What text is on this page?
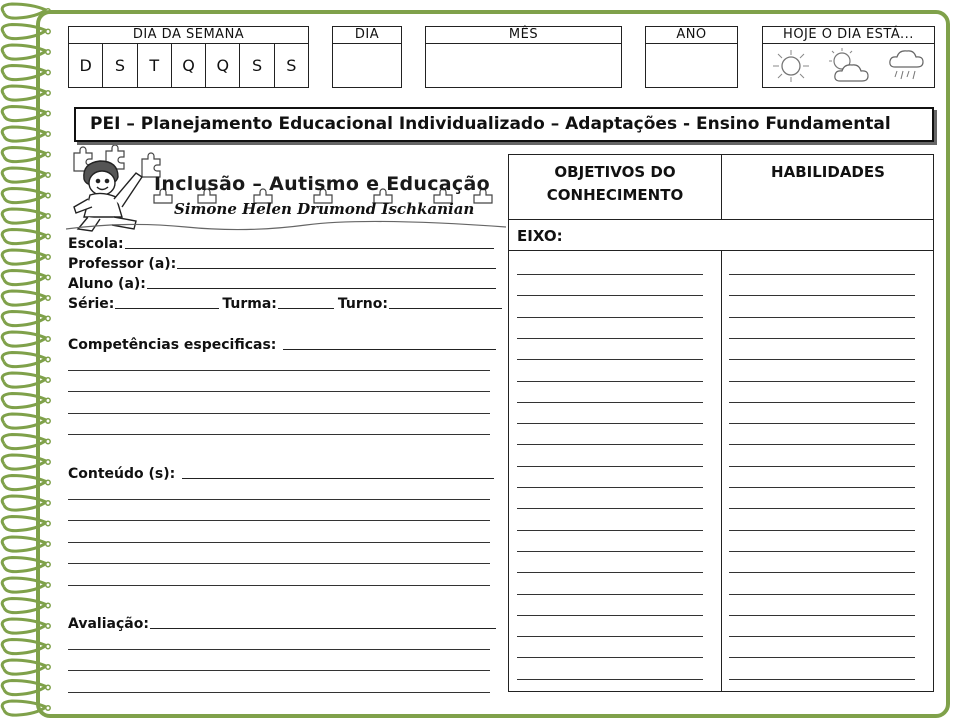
DIA DA SEMANA
D	S	T	Q	Q	S	S
DIA	MÊS	ANO	HOJE O DIA ESTÁ...
PEI – Planejamento Educacional Individualizado – Adaptações - Ensino Fundamental
Inclusão – Autismo e Educação
Simone Helen Drumond Ischkanian
Escola:
Professor (a):
Aluno (a):
Série:	Turma:	Turno:
Competências especificas:
Conteúdo (s):
Avaliação:
OBJETIVOS DO CONHECIMENTO
HABILIDADES
EIXO:
